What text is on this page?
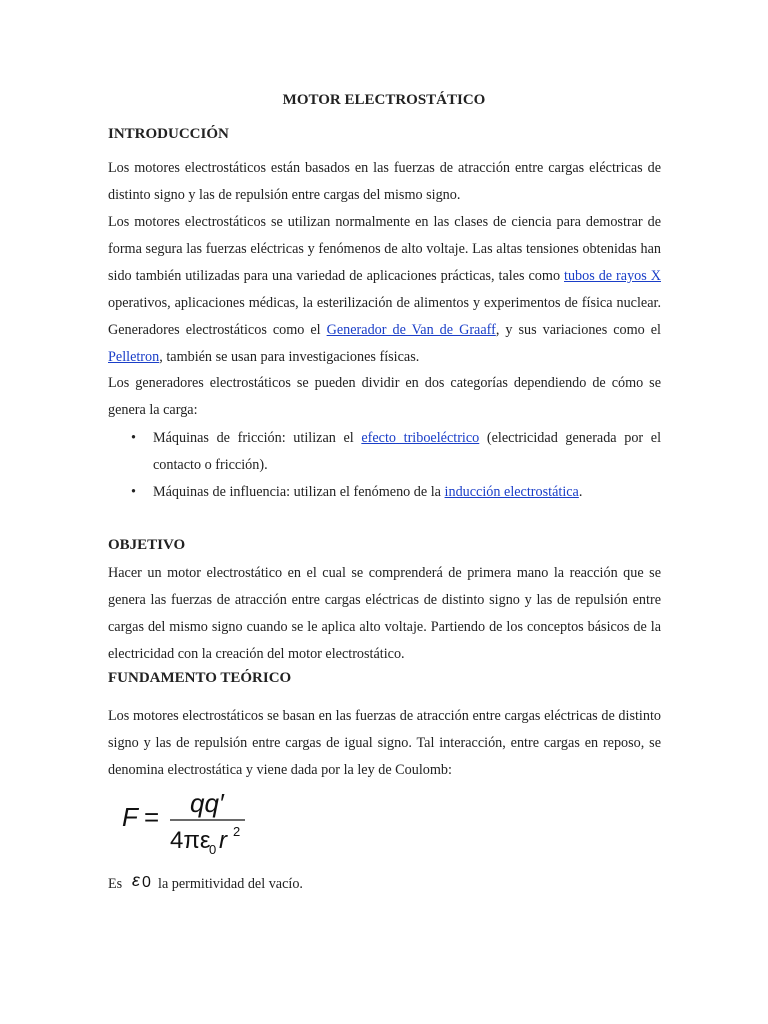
MOTOR ELECTROSTÁTICO
INTRODUCCIÓN
Los motores electrostáticos están basados en las fuerzas de atracción entre cargas eléctricas de distinto signo y las de repulsión entre cargas del mismo signo.
Los motores electrostáticos se utilizan normalmente en las clases de ciencia para demostrar de forma segura las fuerzas eléctricas y fenómenos de alto voltaje. Las altas tensiones obtenidas han sido también utilizadas para una variedad de aplicaciones prácticas, tales como tubos de rayos X operativos, aplicaciones médicas, la esterilización de alimentos y experimentos de física nuclear. Generadores electrostáticos como el Generador de Van de Graaff, y sus variaciones como el Pelletron, también se usan para investigaciones físicas.
Los generadores electrostáticos se pueden dividir en dos categorías dependiendo de cómo se genera la carga:
• Máquinas de fricción: utilizan el efecto triboeléctrico (electricidad generada por el contacto o fricción).
• Máquinas de influencia: utilizan el fenómeno de la inducción electrostática.
OBJETIVO
Hacer un motor electrostático en el cual se comprenderá de primera mano la reacción que se genera las fuerzas de atracción entre cargas eléctricas de distinto signo y las de repulsión entre cargas del mismo signo cuando se le aplica alto voltaje. Partiendo de los conceptos básicos de la electricidad con la creación del motor electrostático.
FUNDAMENTO TEÓRICO
Los motores electrostáticos se basan en las fuerzas de atracción entre cargas eléctricas de distinto signo y las de repulsión entre cargas de igual signo. Tal interacción, entre cargas en reposo, se denomina electrostática y viene dada por la ley de Coulomb:
F = qq′
4πε
0 r 2
Es ε 0 la permitividad del vacío.
